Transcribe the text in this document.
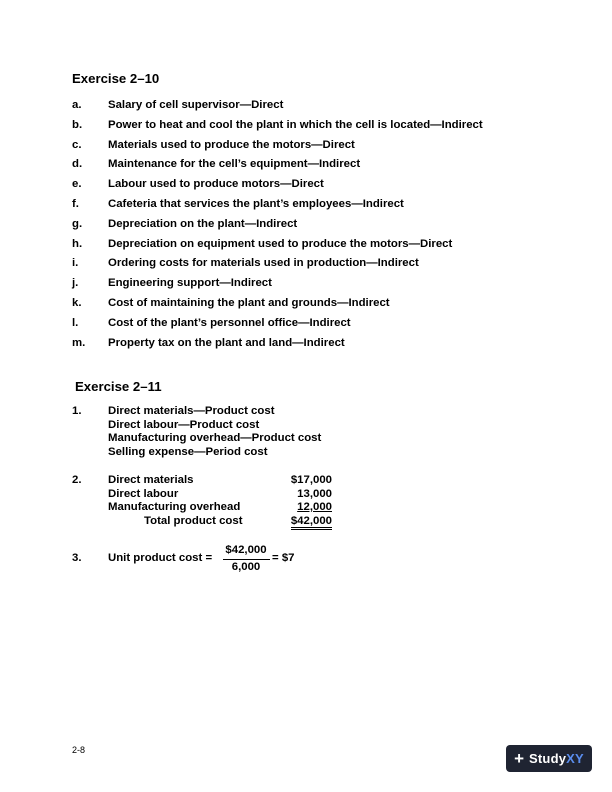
Exercise 2–10
a. Salary of cell supervisor—Direct
b. Power to heat and cool the plant in which the cell is located—Indirect
c. Materials used to produce the motors—Direct
d. Maintenance for the cell’s equipment—Indirect
e. Labour used to produce motors—Direct
f.	Cafeteria that services the plant’s employees—Indirect
g. Depreciation on the plant—Indirect
h. Depreciation on equipment used to produce the motors—Direct
i.	Ordering costs for materials used in production—Indirect
j.	Engineering support—Indirect
k. Cost of maintaining the plant and grounds—Indirect
l.	Cost of the plant’s personnel office—Indirect
m. Property tax on the plant and land—Indirect
Exercise 2–11
1. Direct materials—Product cost
Direct labour—Product cost
Manufacturing overhead—Product cost
Selling expense—Period cost
2. Direct materials	$17,000
Direct labour	13,000
Manufacturing overhead	12,000
Total product cost	$42,000
3. Unit product cost =
$42,000
6,000
= $7
2-8	+ StudyXY
